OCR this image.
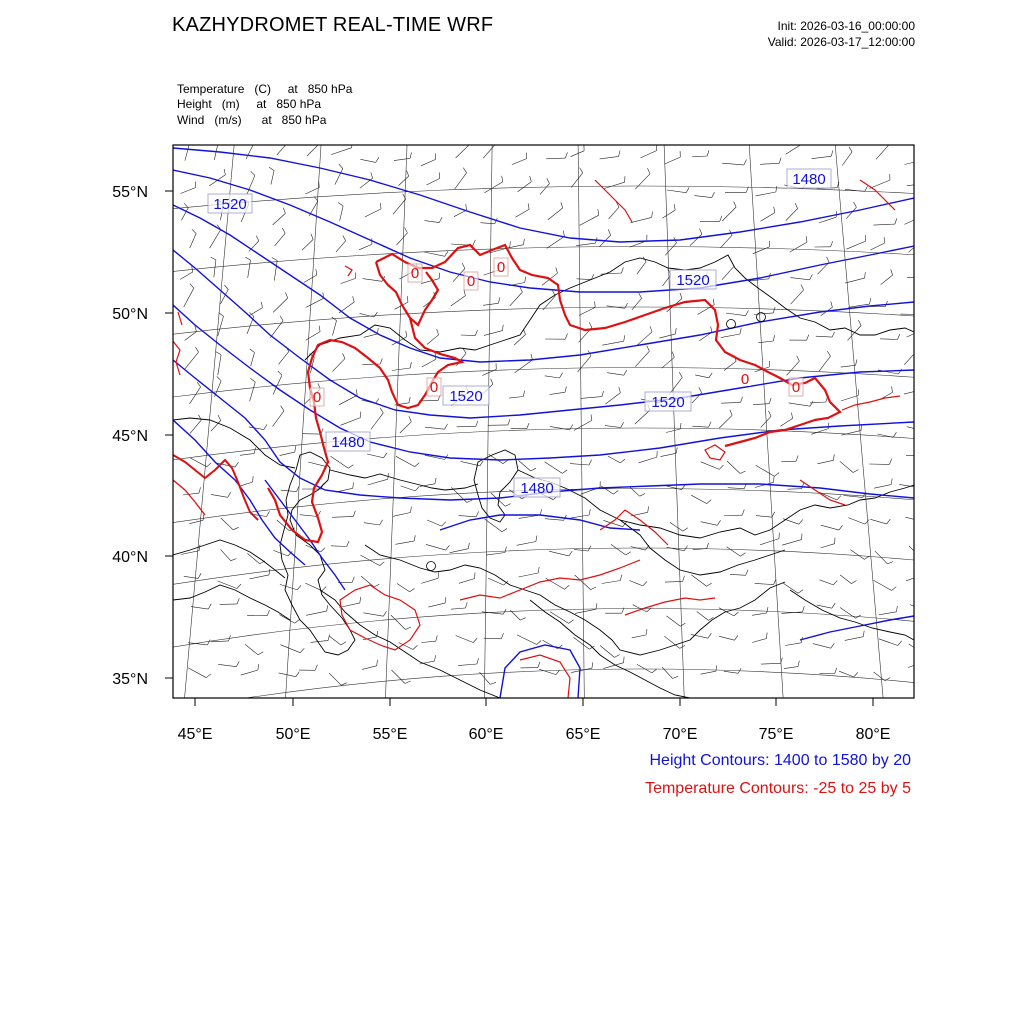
KAZHYDROMET REAL-TIME WRF	Init: 2026-03-16_00:00:00
Valid: 2026-03-17_12:00:00
Temperature   (C)     at   850 hPa
Height   (m)     at   850 hPa
Wind   (m/s)      at   850 hPa
55°N
50°N
45°N
40°N
35°N
45°E	50°E	55°E	60°E	65°E	70°E	75°E	80°E
1520
1480
1520
1520
1480
1520
1480
0	0
0
0
0
0
0
Height Contours: 1400 to 1580 by 20
Temperature Contours: -25 to 25 by 5
